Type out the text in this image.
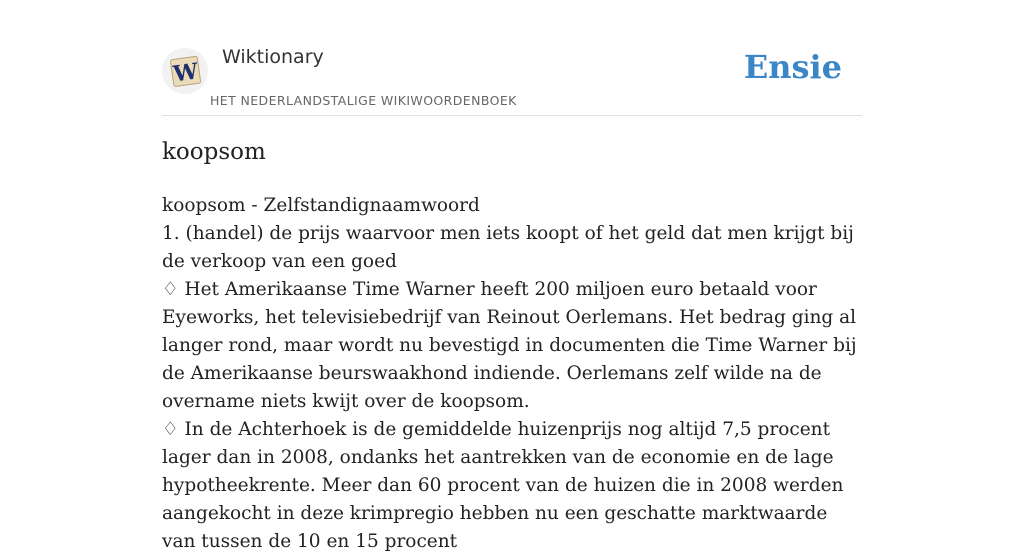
W
Wiktionary
HET NEDERLANDSTALIGE WIKIWOORDENBOEK
Ensie
koopsom

koopsom - Zelfstandignaamwoord

1. (handel) de prijs waarvoor men iets koopt of het geld dat men krijgt bij de verkoop van een goed

♢ Het Amerikaanse Time Warner heeft 200 miljoen euro betaald voor Eyeworks, het televisiebedrijf van Reinout Oerlemans. Het bedrag ging al langer rond, maar wordt nu bevestigd in documenten die Time Warner bij de Amerikaanse beurswaakhond indiende. Oerlemans zelf wilde na de overname niets kwijt over de koopsom.

♢ In de Achterhoek is de gemiddelde huizenprijs nog altijd 7,5 procent lager dan in 2008, ondanks het aantrekken van de economie en de lage hypotheekrente. Meer dan 60 procent van de huizen die in 2008 werden aangekocht in deze krimpregio hebben nu een geschatte marktwaarde van tussen de 10 en 15 procent
